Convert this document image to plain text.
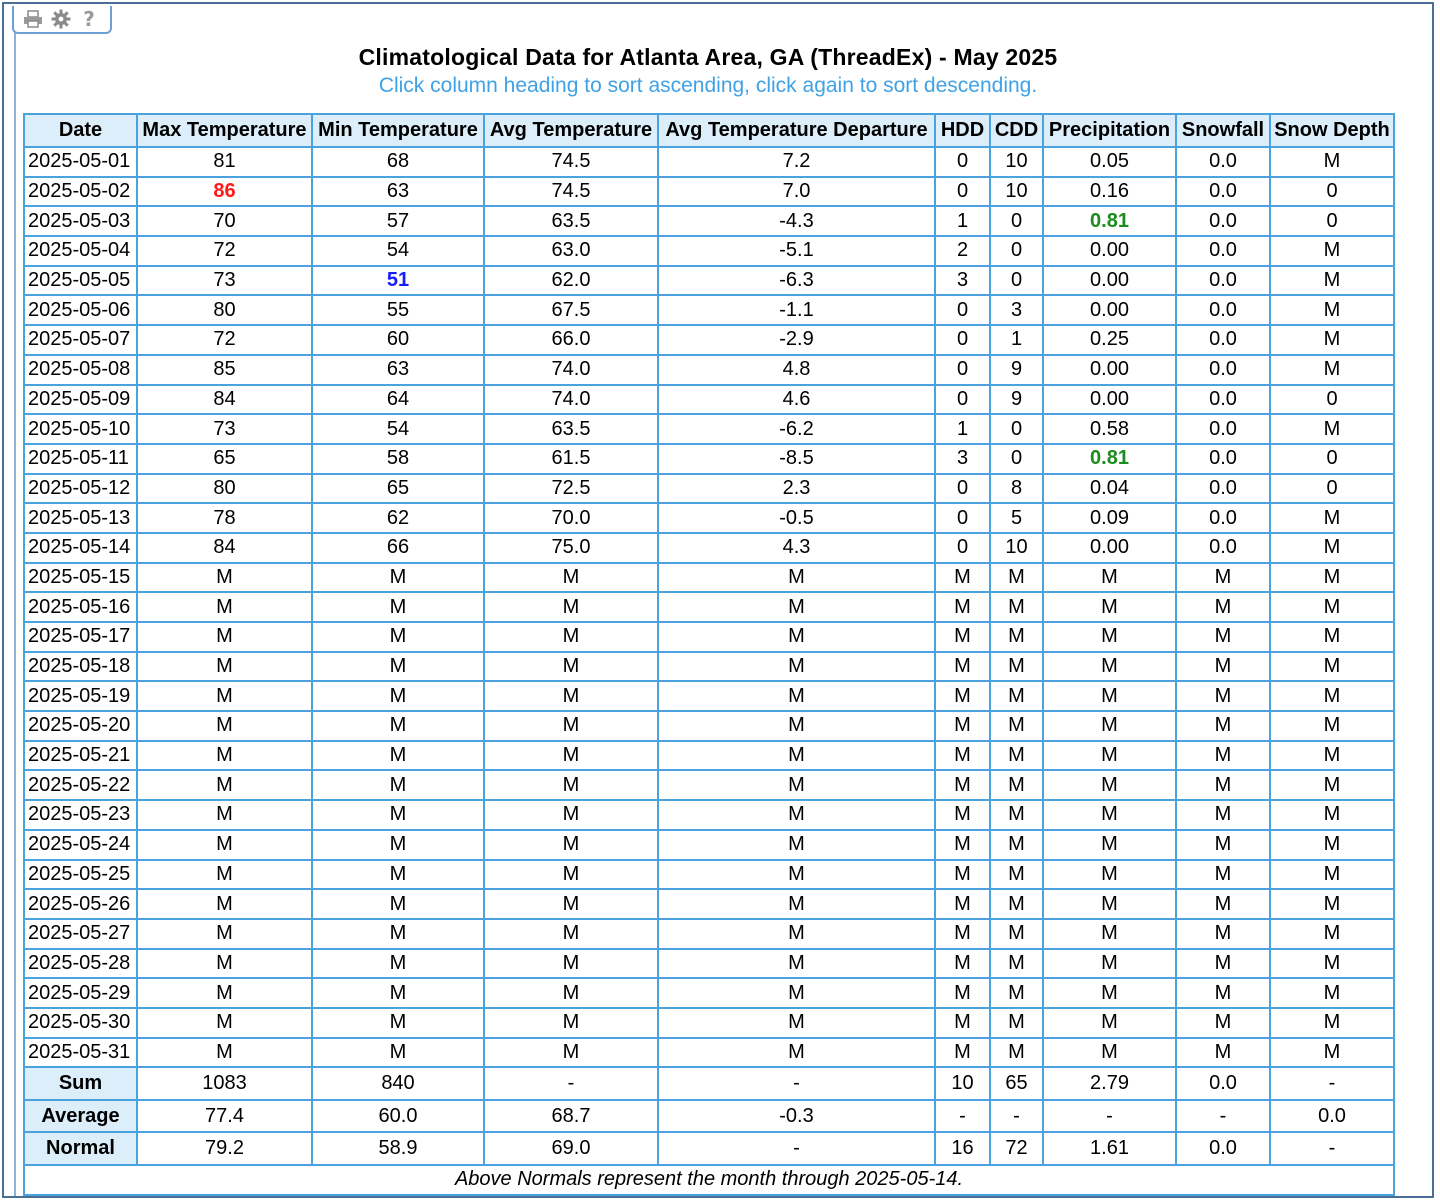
?
Climatological Data for Atlanta Area, GA (ThreadEx) - May 2025
Click column heading to sort ascending, click again to sort descending.
Date	Max Temperature	Min Temperature	Avg Temperature	Avg Temperature Departure	HDD	CDD	Precipitation	Snowfall	Snow Depth
2025-05-01	81	68	74.5	7.2	0	10	0.05	0.0	M
2025-05-02	86	63	74.5	7.0	0	10	0.16	0.0	0
2025-05-03	70	57	63.5	-4.3	1	0	0.81	0.0	0
2025-05-04	72	54	63.0	-5.1	2	0	0.00	0.0	M
2025-05-05	73	51	62.0	-6.3	3	0	0.00	0.0	M
2025-05-06	80	55	67.5	-1.1	0	3	0.00	0.0	M
2025-05-07	72	60	66.0	-2.9	0	1	0.25	0.0	M
2025-05-08	85	63	74.0	4.8	0	9	0.00	0.0	M
2025-05-09	84	64	74.0	4.6	0	9	0.00	0.0	0
2025-05-10	73	54	63.5	-6.2	1	0	0.58	0.0	M
2025-05-11	65	58	61.5	-8.5	3	0	0.81	0.0	0
2025-05-12	80	65	72.5	2.3	0	8	0.04	0.0	0
2025-05-13	78	62	70.0	-0.5	0	5	0.09	0.0	M
2025-05-14	84	66	75.0	4.3	0	10	0.00	0.0	M
2025-05-15	M	M	M	M	M	M	M	M	M
2025-05-16	M	M	M	M	M	M	M	M	M
2025-05-17	M	M	M	M	M	M	M	M	M
2025-05-18	M	M	M	M	M	M	M	M	M
2025-05-19	M	M	M	M	M	M	M	M	M
2025-05-20	M	M	M	M	M	M	M	M	M
2025-05-21	M	M	M	M	M	M	M	M	M
2025-05-22	M	M	M	M	M	M	M	M	M
2025-05-23	M	M	M	M	M	M	M	M	M
2025-05-24	M	M	M	M	M	M	M	M	M
2025-05-25	M	M	M	M	M	M	M	M	M
2025-05-26	M	M	M	M	M	M	M	M	M
2025-05-27	M	M	M	M	M	M	M	M	M
2025-05-28	M	M	M	M	M	M	M	M	M
2025-05-29	M	M	M	M	M	M	M	M	M
2025-05-30	M	M	M	M	M	M	M	M	M
2025-05-31	M	M	M	M	M	M	M	M	M
Sum	1083	840	-	-	10	65	2.79	0.0	-
Average	77.4	60.0	68.7	-0.3	-	-	-	-	0.0
Normal	79.2	58.9	69.0	-	16	72	1.61	0.0	-
Above Normals represent the month through 2025-05-14.									
